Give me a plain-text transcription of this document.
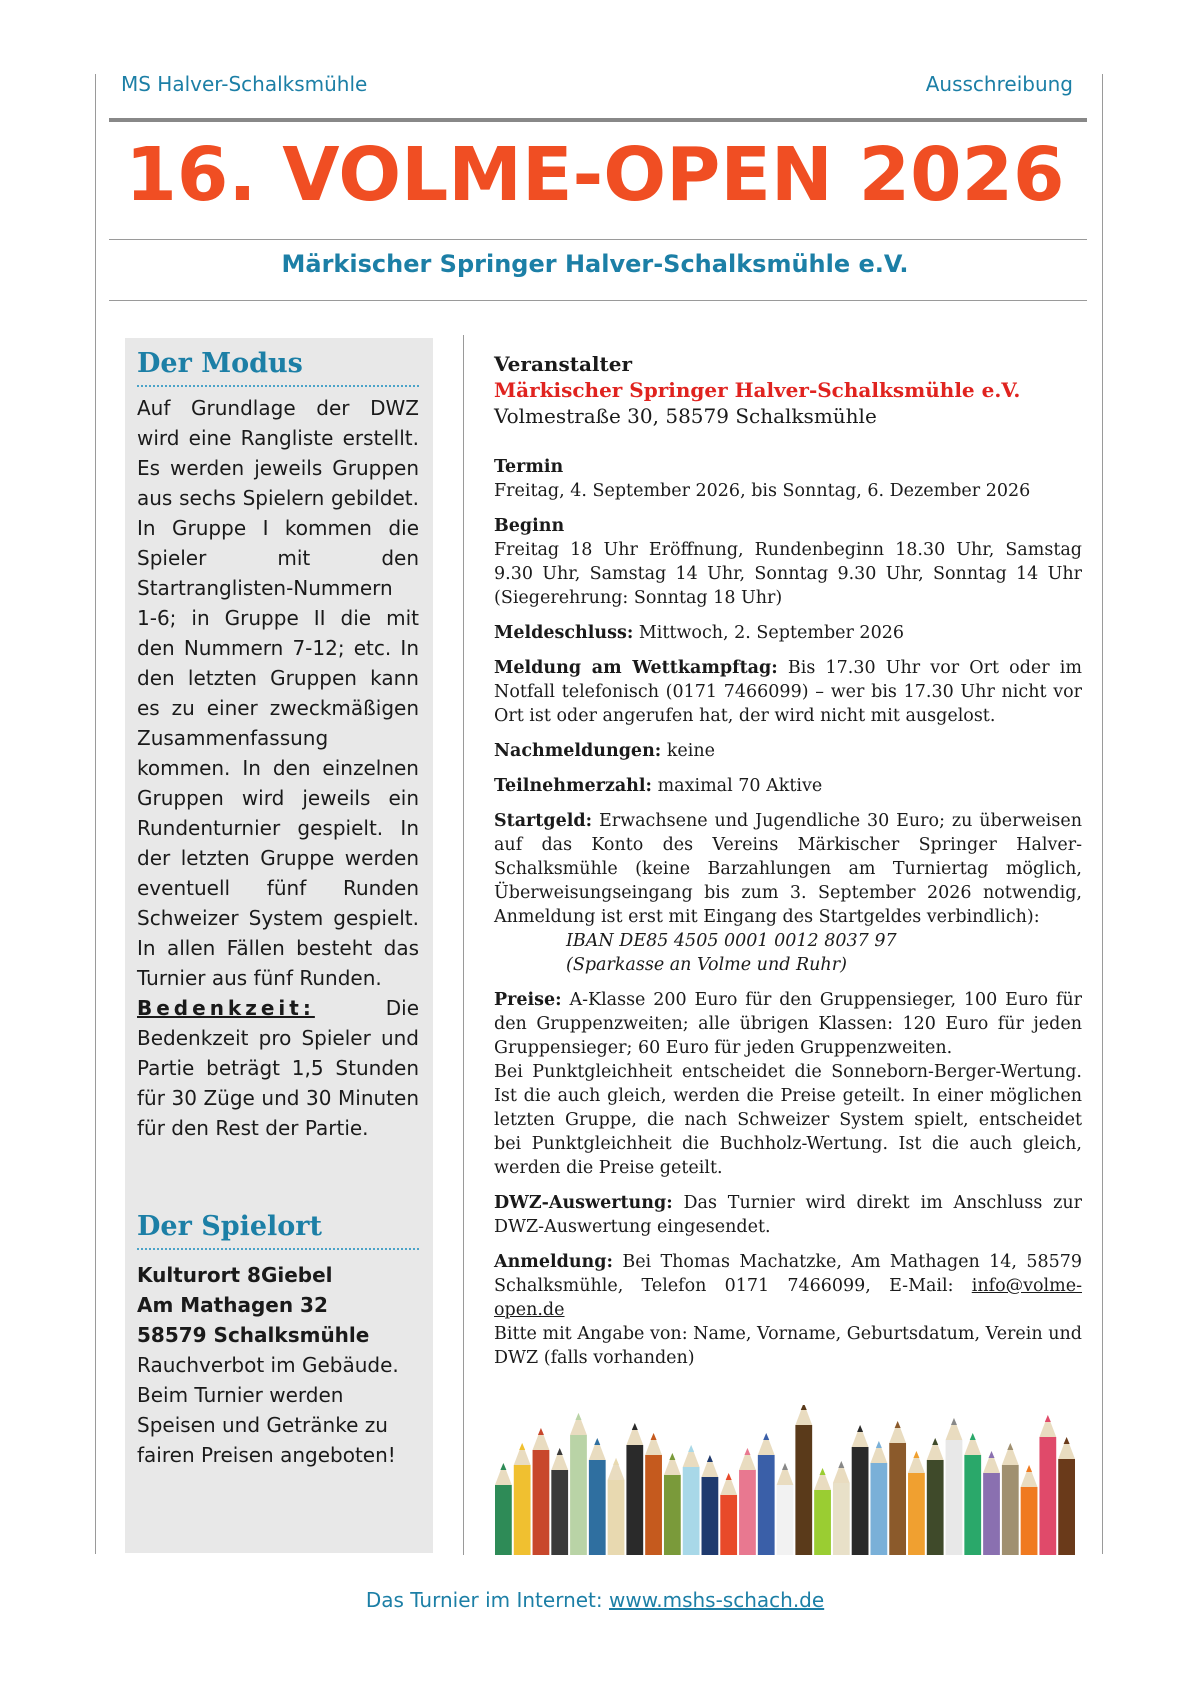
MS Halver-Schalksmühle	Ausschreibung
16. VOLME-OPEN 2026
Märkischer Springer Halver-Schalksmühle e.V.
Der Modus

Auf Grundlage der DWZ wird eine Rangliste erstellt. Es werden jeweils Gruppen aus sechs Spielern gebildet. In Gruppe I kommen die Spieler mit den Startranglisten-Nummern 1-6; in Gruppe II die mit den Nummern 7-12; etc. In den letzten Gruppen kann es zu einer zweckmäßigen Zusammenfassung kommen. In den einzelnen Gruppen wird jeweils ein Rundenturnier gespielt. In der letzten Gruppe werden eventuell fünf Runden Schweizer System gespielt. In allen Fällen besteht das Turnier aus fünf Runden.

Bedenkzeit: Die Bedenkzeit pro Spieler und Partie beträgt 1,5 Stunden für 30 Züge und 30 Minuten für den Rest der Partie.

Der Spielort
Kulturort 8Giebel
Am Mathagen 32
58579 Schalksmühle

Rauchverbot im Gebäude. Beim Turnier werden Speisen und Getränke zu fairen Preisen angeboten!

Veranstalter
Märkischer Springer Halver-Schalksmühle e.V.
Volmestraße 30, 58579 Schalksmühle
Termin
Freitag, 4. September 2026, bis Sonntag, 6. Dezember 2026
Beginn

Freitag 18 Uhr Eröffnung, Rundenbeginn 18.30 Uhr, Samstag 9.30 Uhr, Samstag 14 Uhr, Sonntag 9.30 Uhr, Sonntag 14 Uhr (Siegerehrung: Sonntag 18 Uhr)

Meldeschluss: Mittwoch, 2. September 2026

Meldung am Wettkampftag: Bis 17.30 Uhr vor Ort oder im Notfall telefonisch (0171 7466099) – wer bis 17.30 Uhr nicht vor Ort ist oder angerufen hat, der wird nicht mit ausgelost.

Nachmeldungen: keine

Teilnehmerzahl: maximal 70 Aktive

Startgeld: Erwachsene und Jugendliche 30 Euro; zu überweisen auf das Konto des Vereins Märkischer Springer Halver-Schalksmühle (keine Barzahlungen am Turniertag möglich, Überweisungseingang bis zum 3. September 2026 notwendig, Anmeldung ist erst mit Eingang des Startgeldes verbindlich):
IBAN DE85 4505 0001 0012 8037 97
(Sparkasse an Volme und Ruhr)

Preise: A-Klasse 200 Euro für den Gruppensieger, 100 Euro für den Gruppenzweiten; alle übrigen Klassen: 120 Euro für jeden Gruppensieger; 60 Euro für jeden Gruppenzweiten.

Bei Punktgleichheit entscheidet die Sonneborn-Berger-Wertung. Ist die auch gleich, werden die Preise geteilt. In einer möglichen letzten Gruppe, die nach Schweizer System spielt, entscheidet bei Punktgleichheit die Buchholz-Wertung. Ist die auch gleich, werden die Preise geteilt.

DWZ-Auswertung: Das Turnier wird direkt im Anschluss zur DWZ-Auswertung eingesendet.

Anmeldung: Bei Thomas Machatzke, Am Mathagen 14, 58579 Schalksmühle, Telefon 0171 7466099, E-Mail: info@volme-open.de

Bitte mit Angabe von: Name, Vorname, Geburtsdatum, Verein und DWZ (falls vorhanden)

Das Turnier im Internet: www.mshs-schach.de
